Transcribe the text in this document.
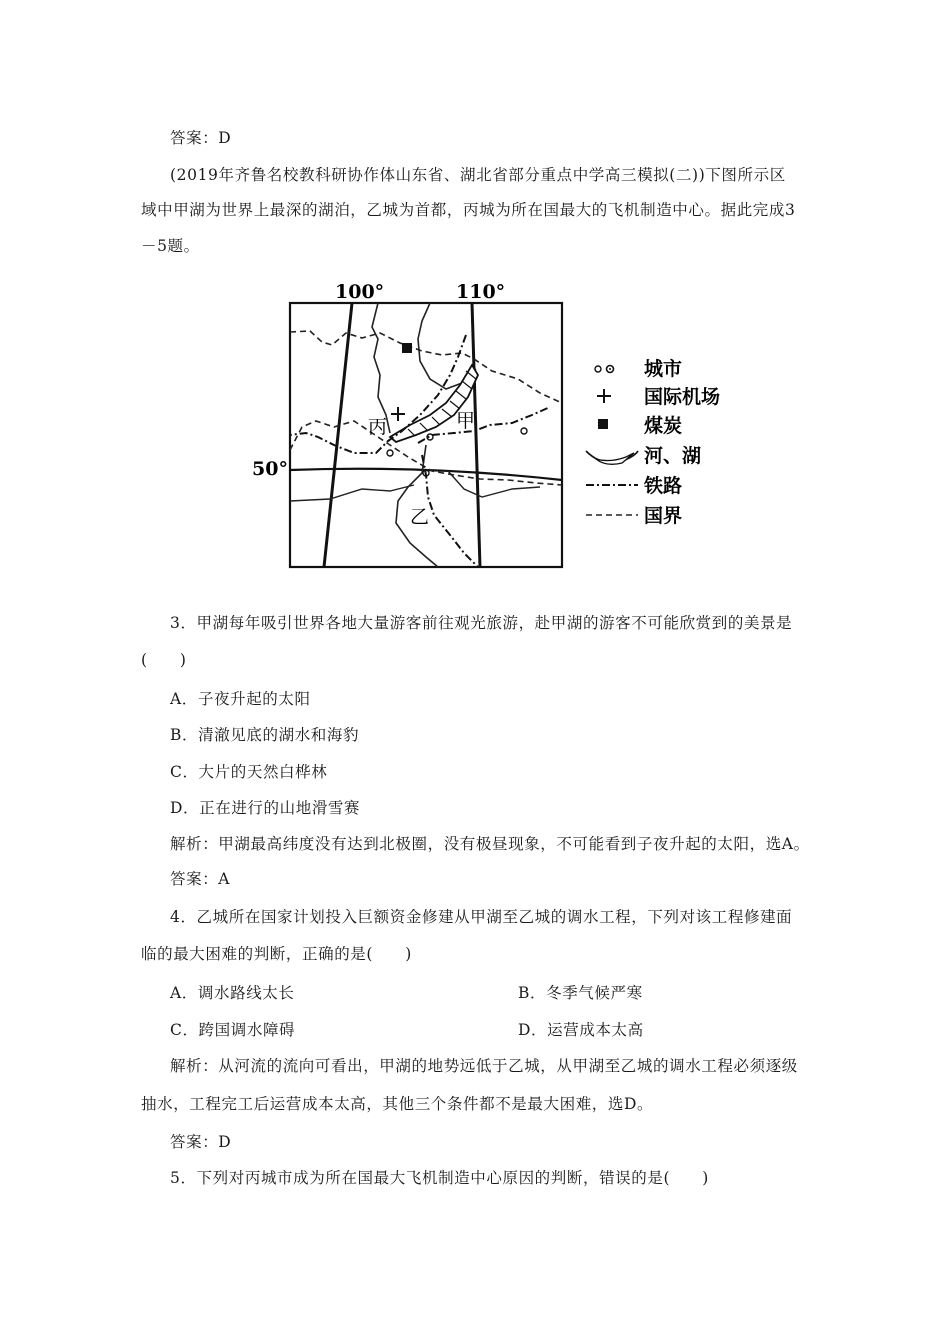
答案：D
(2019年齐鲁名校教科研协作体山东省、湖北省部分重点中学高三模拟(二))下图所示区
域中甲湖为世界上最深的湖泊，乙城为首都，丙城为所在国最大的飞机制造中心。据此完成3
－5题。
100°	110°
50°
丙	甲
乙
城市
国际机场
煤炭
河、湖
铁路
国界
3．甲湖每年吸引世界各地大量游客前往观光旅游，赴甲湖的游客不可能欣赏到的美景是
(　　)
A．子夜升起的太阳
B．清澈见底的湖水和海豹
C．大片的天然白桦林
D．正在进行的山地滑雪赛
解析：甲湖最高纬度没有达到北极圈，没有极昼现象，不可能看到子夜升起的太阳，选A。
答案：A
4．乙城所在国家计划投入巨额资金修建从甲湖至乙城的调水工程，下列对该工程修建面
临的最大困难的判断，正确的是(　　)
A．调水路线太长	B．冬季气候严寒
C．跨国调水障碍	D．运营成本太高
解析：从河流的流向可看出，甲湖的地势远低于乙城，从甲湖至乙城的调水工程必须逐级
抽水，工程完工后运营成本太高，其他三个条件都不是最大困难，选D。
答案：D
5．下列对丙城市成为所在国最大飞机制造中心原因的判断，错误的是(　　)
